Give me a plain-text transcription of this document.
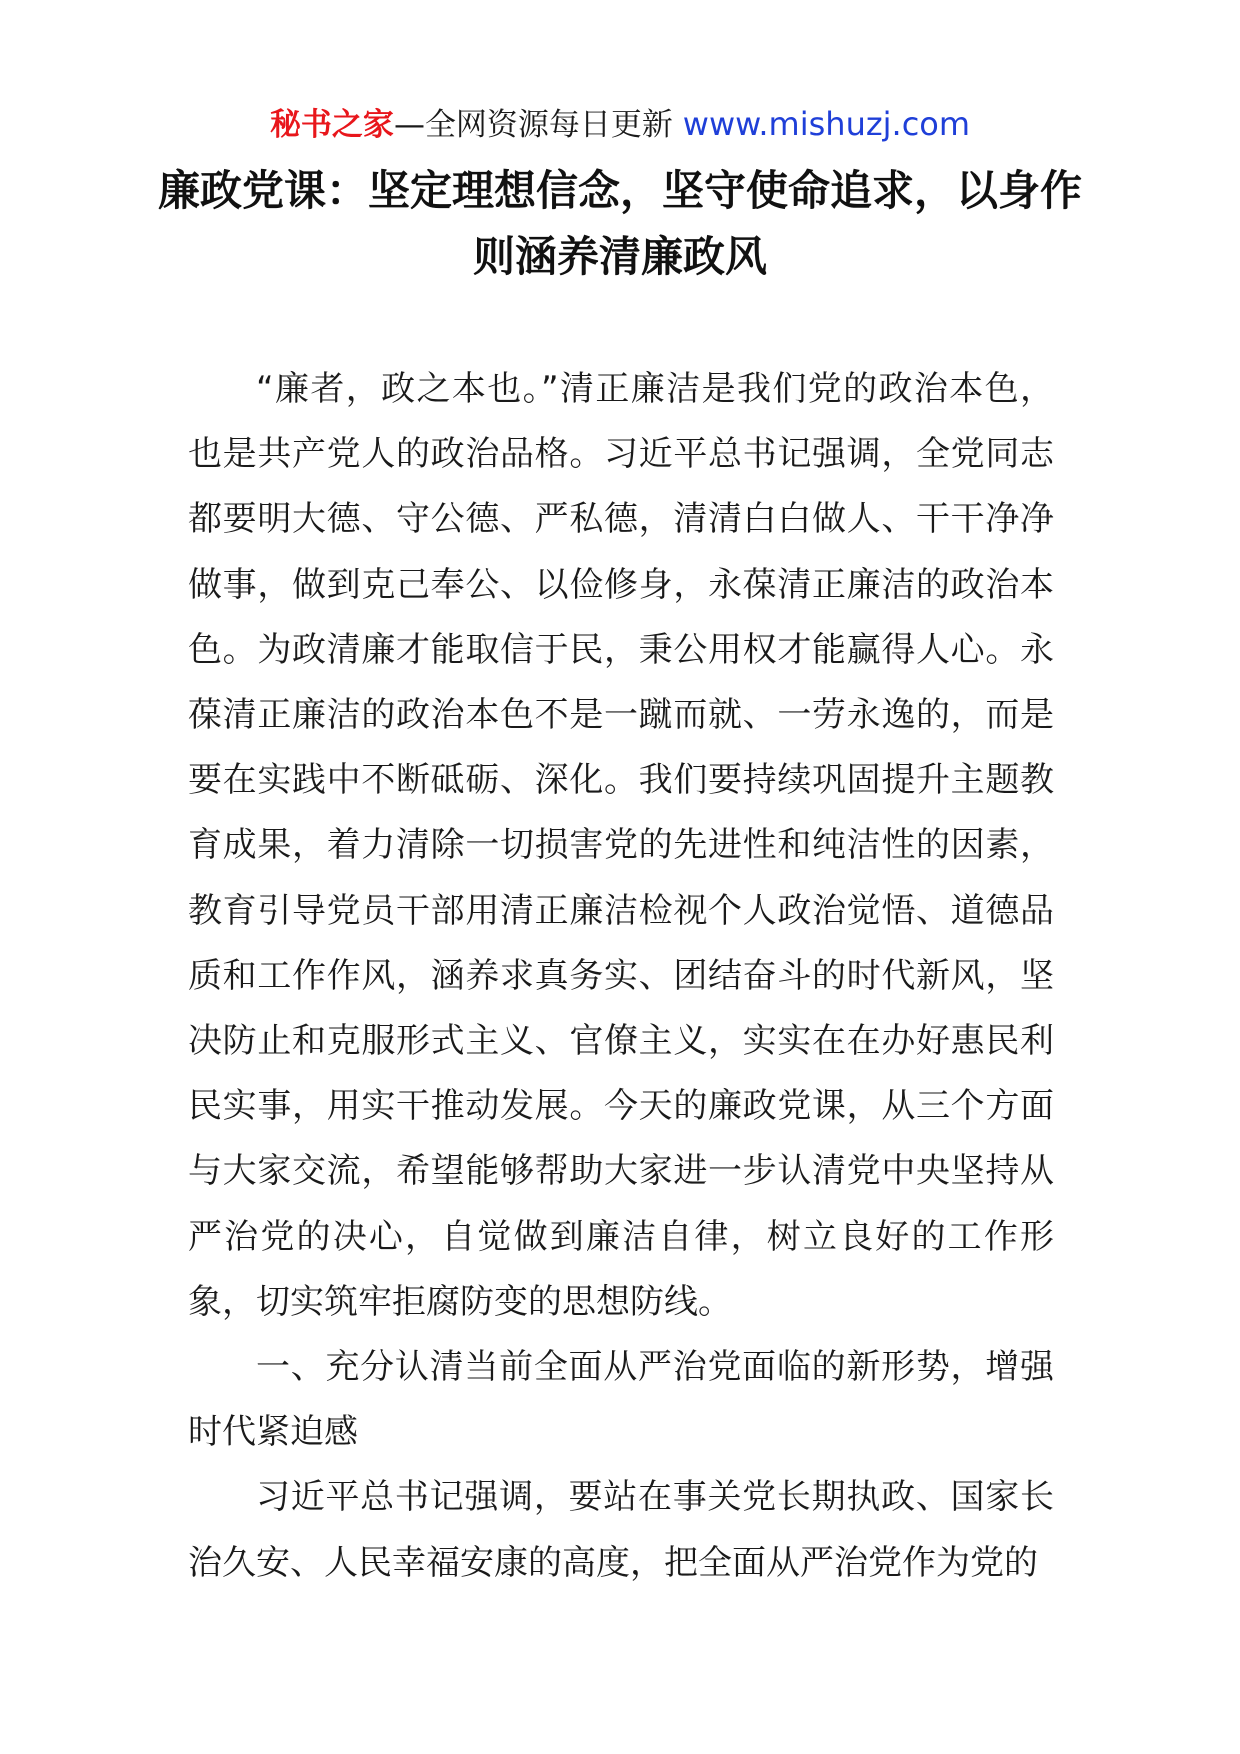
秘书之家—全网资源每日更新 www.mishuzj.com
廉政党课：坚定理想信念，坚守使命追求，以身作则涵养清廉政风

“廉者，政之本也。”清正廉洁是我们党的政治本色，也是共产党人的政治品格。习近平总书记强调，全党同志都要明大德、守公德、严私德，清清白白做人、干干净净做事，做到克己奉公、以俭修身，永葆清正廉洁的政治本色。为政清廉才能取信于民，秉公用权才能赢得人心。永葆清正廉洁的政治本色不是一蹴而就、一劳永逸的，而是要在实践中不断砥砺、深化。我们要持续巩固提升主题教育成果，着力清除一切损害党的先进性和纯洁性的因素，教育引导党员干部用清正廉洁检视个人政治觉悟、道德品质和工作作风，涵养求真务实、团结奋斗的时代新风，坚决防止和克服形式主义、官僚主义，实实在在办好惠民利民实事，用实干推动发展。今天的廉政党课，从三个方面与大家交流，希望能够帮助大家进一步认清党中央坚持从严治党的决心，自觉做到廉洁自律，树立良好的工作形象，切实筑牢拒腐防变的思想防线。

一、充分认清当前全面从严治党面临的新形势，增强时代紧迫感

习近平总书记强调，要站在事关党长期执政、国家长治久安、人民幸福安康的高度，把全面从严治党作为党的
